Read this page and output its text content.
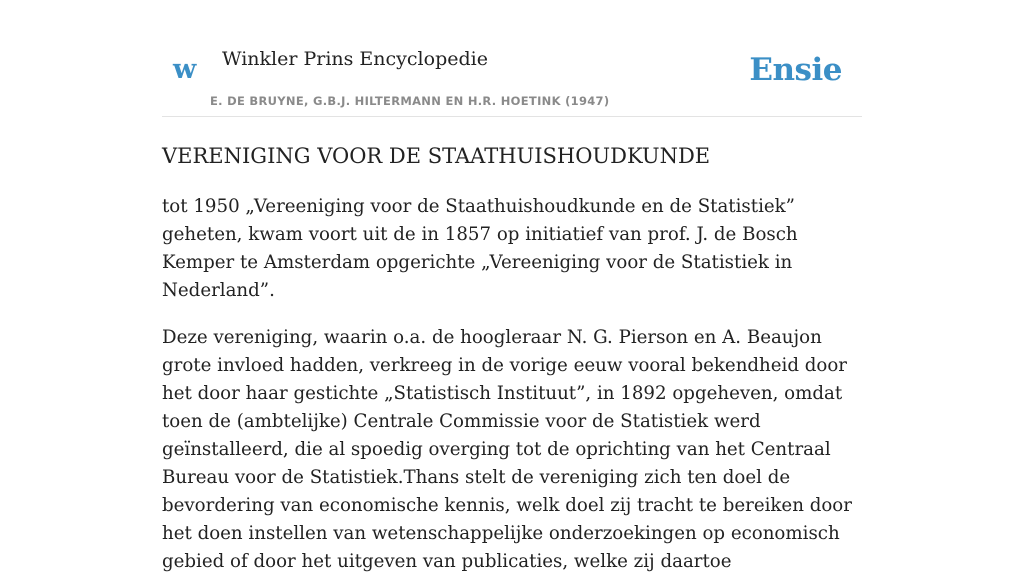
w Winkler Prins Encyclopedie
E. DE BRUYNE, G.B.J. HILTERMANN EN H.R. HOETINK (1947)
Ensie
VERENIGING VOOR DE STAATHUISHOUDKUNDE

tot 1950 „Vereeniging voor de Staathuishoudkunde en de Statistiek” geheten, kwam voort uit de in 1857 op initiatief van prof. J. de Bosch Kemper te Amsterdam opgerichte „Vereeniging voor de Statistiek in Nederland”.

Deze vereniging, waarin o.a. de hoogleraar N. G. Pierson en A. Beaujon grote invloed hadden, verkreeg in de vorige eeuw vooral bekendheid door het door haar gestichte „Statistisch Instituut”, in 1892 opgeheven, omdat toen de (ambtelijke) Centrale Commissie voor de Statistiek werd geïnstalleerd, die al spoedig overging tot de oprichting van het Centraal Bureau voor de Statistiek.Thans stelt de vereniging zich ten doel de bevordering van economische kennis, welk doel zij tracht te bereiken door het doen instellen van wetenschappelijke onderzoekingen op economisch gebied of door het uitgeven van publicaties, welke zij daartoe
